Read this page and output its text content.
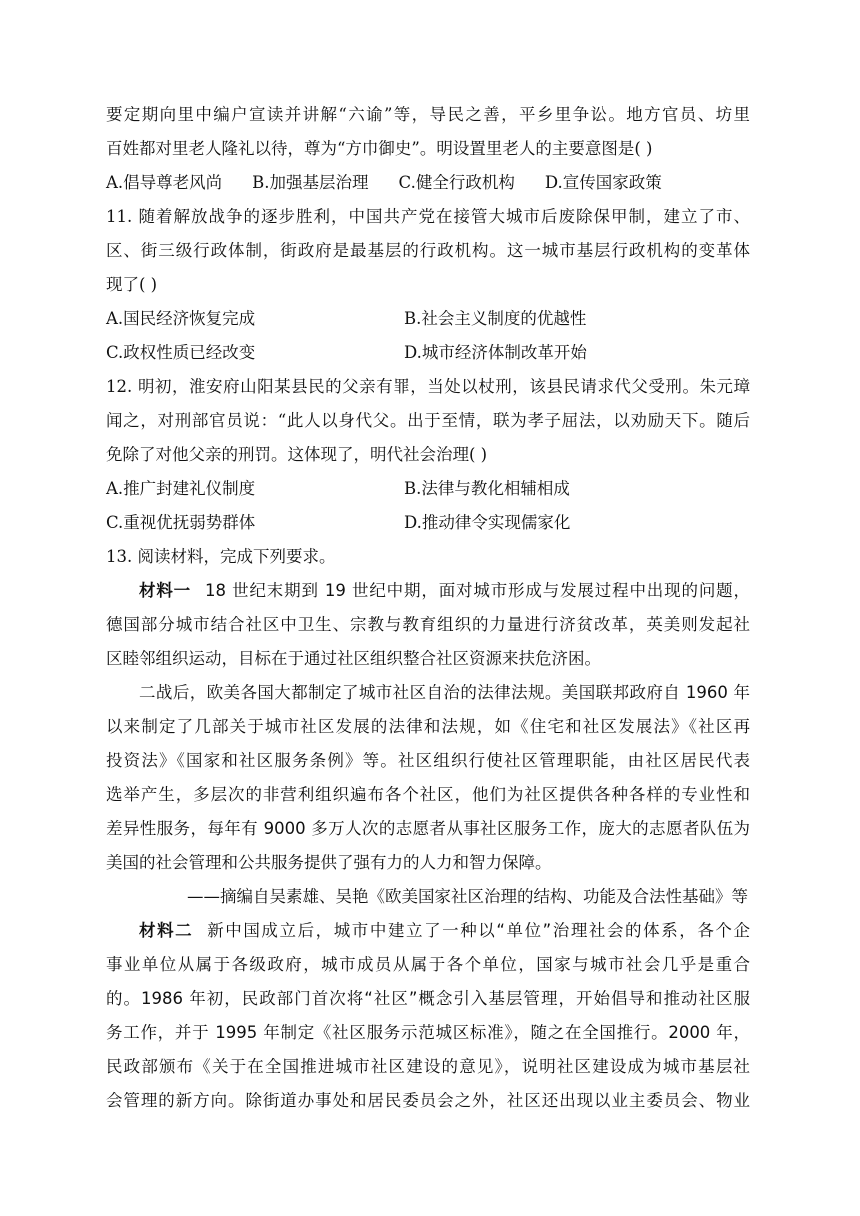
要定期向里中编户宣读并讲解“六谕”等，导民之善，平乡里争讼。地方官员、坊里
百姓都对里老人隆礼以待，尊为“方巾御史”。明设置里老人的主要意图是( )
A.倡导尊老风尚 B.加强基层治理 C.健全行政机构 D.宣传国家政策
11. 随着解放战争的逐步胜利，中国共产党在接管大城市后废除保甲制，建立了市、
区、街三级行政体制，街政府是最基层的行政机构。这一城市基层行政机构的变革体
现了( )
A.国民经济恢复完成	B.社会主义制度的优越性
C.政权性质已经改变	D.城市经济体制改革开始
12. 明初，淮安府山阳某县民的父亲有罪，当处以杖刑，该县民请求代父受刑。朱元璋
闻之，对刑部官员说：“此人以身代父。出于至情，联为孝子屈法，以劝励天下。随后
免除了对他父亲的刑罚。这体现了，明代社会治理( )
A.推广封建礼仪制度	B.法律与教化相辅相成
C.重视优抚弱势群体	D.推动律令实现儒家化
13. 阅读材料，完成下列要求。
材料一 18 世纪末期到 19 世纪中期，面对城市形成与发展过程中出现的问题，
德国部分城市结合社区中卫生、宗教与教育组织的力量进行济贫改革，英美则发起社
区睦邻组织运动，目标在于通过社区组织整合社区资源来扶危济困。
二战后，欧美各国大都制定了城市社区自治的法律法规。美国联邦政府自 1960 年
以来制定了几部关于城市社区发展的法律和法规，如《住宅和社区发展法》《社区再
投资法》《国家和社区服务条例》等。社区组织行使社区管理职能，由社区居民代表
选举产生，多层次的非营利组织遍布各个社区，他们为社区提供各种各样的专业性和
差异性服务，每年有 9000 多万人次的志愿者从事社区服务工作，庞大的志愿者队伍为
美国的社会管理和公共服务提供了强有力的人力和智力保障。
——摘编自吴素雄、吴艳《欧美国家社区治理的结构、功能及合法性基础》等
材料二 新中国成立后，城市中建立了一种以“单位”治理社会的体系，各个企
事业单位从属于各级政府，城市成员从属于各个单位，国家与城市社会几乎是重合
的。1986 年初，民政部门首次将“社区”概念引入基层管理，开始倡导和推动社区服
务工作，并于 1995 年制定《社区服务示范城区标准》，随之在全国推行。2000 年，
民政部颁布《关于在全国推进城市社区建设的意见》，说明社区建设成为城市基层社
会管理的新方向。除街道办事处和居民委员会之外，社区还出现以业主委员会、物业
